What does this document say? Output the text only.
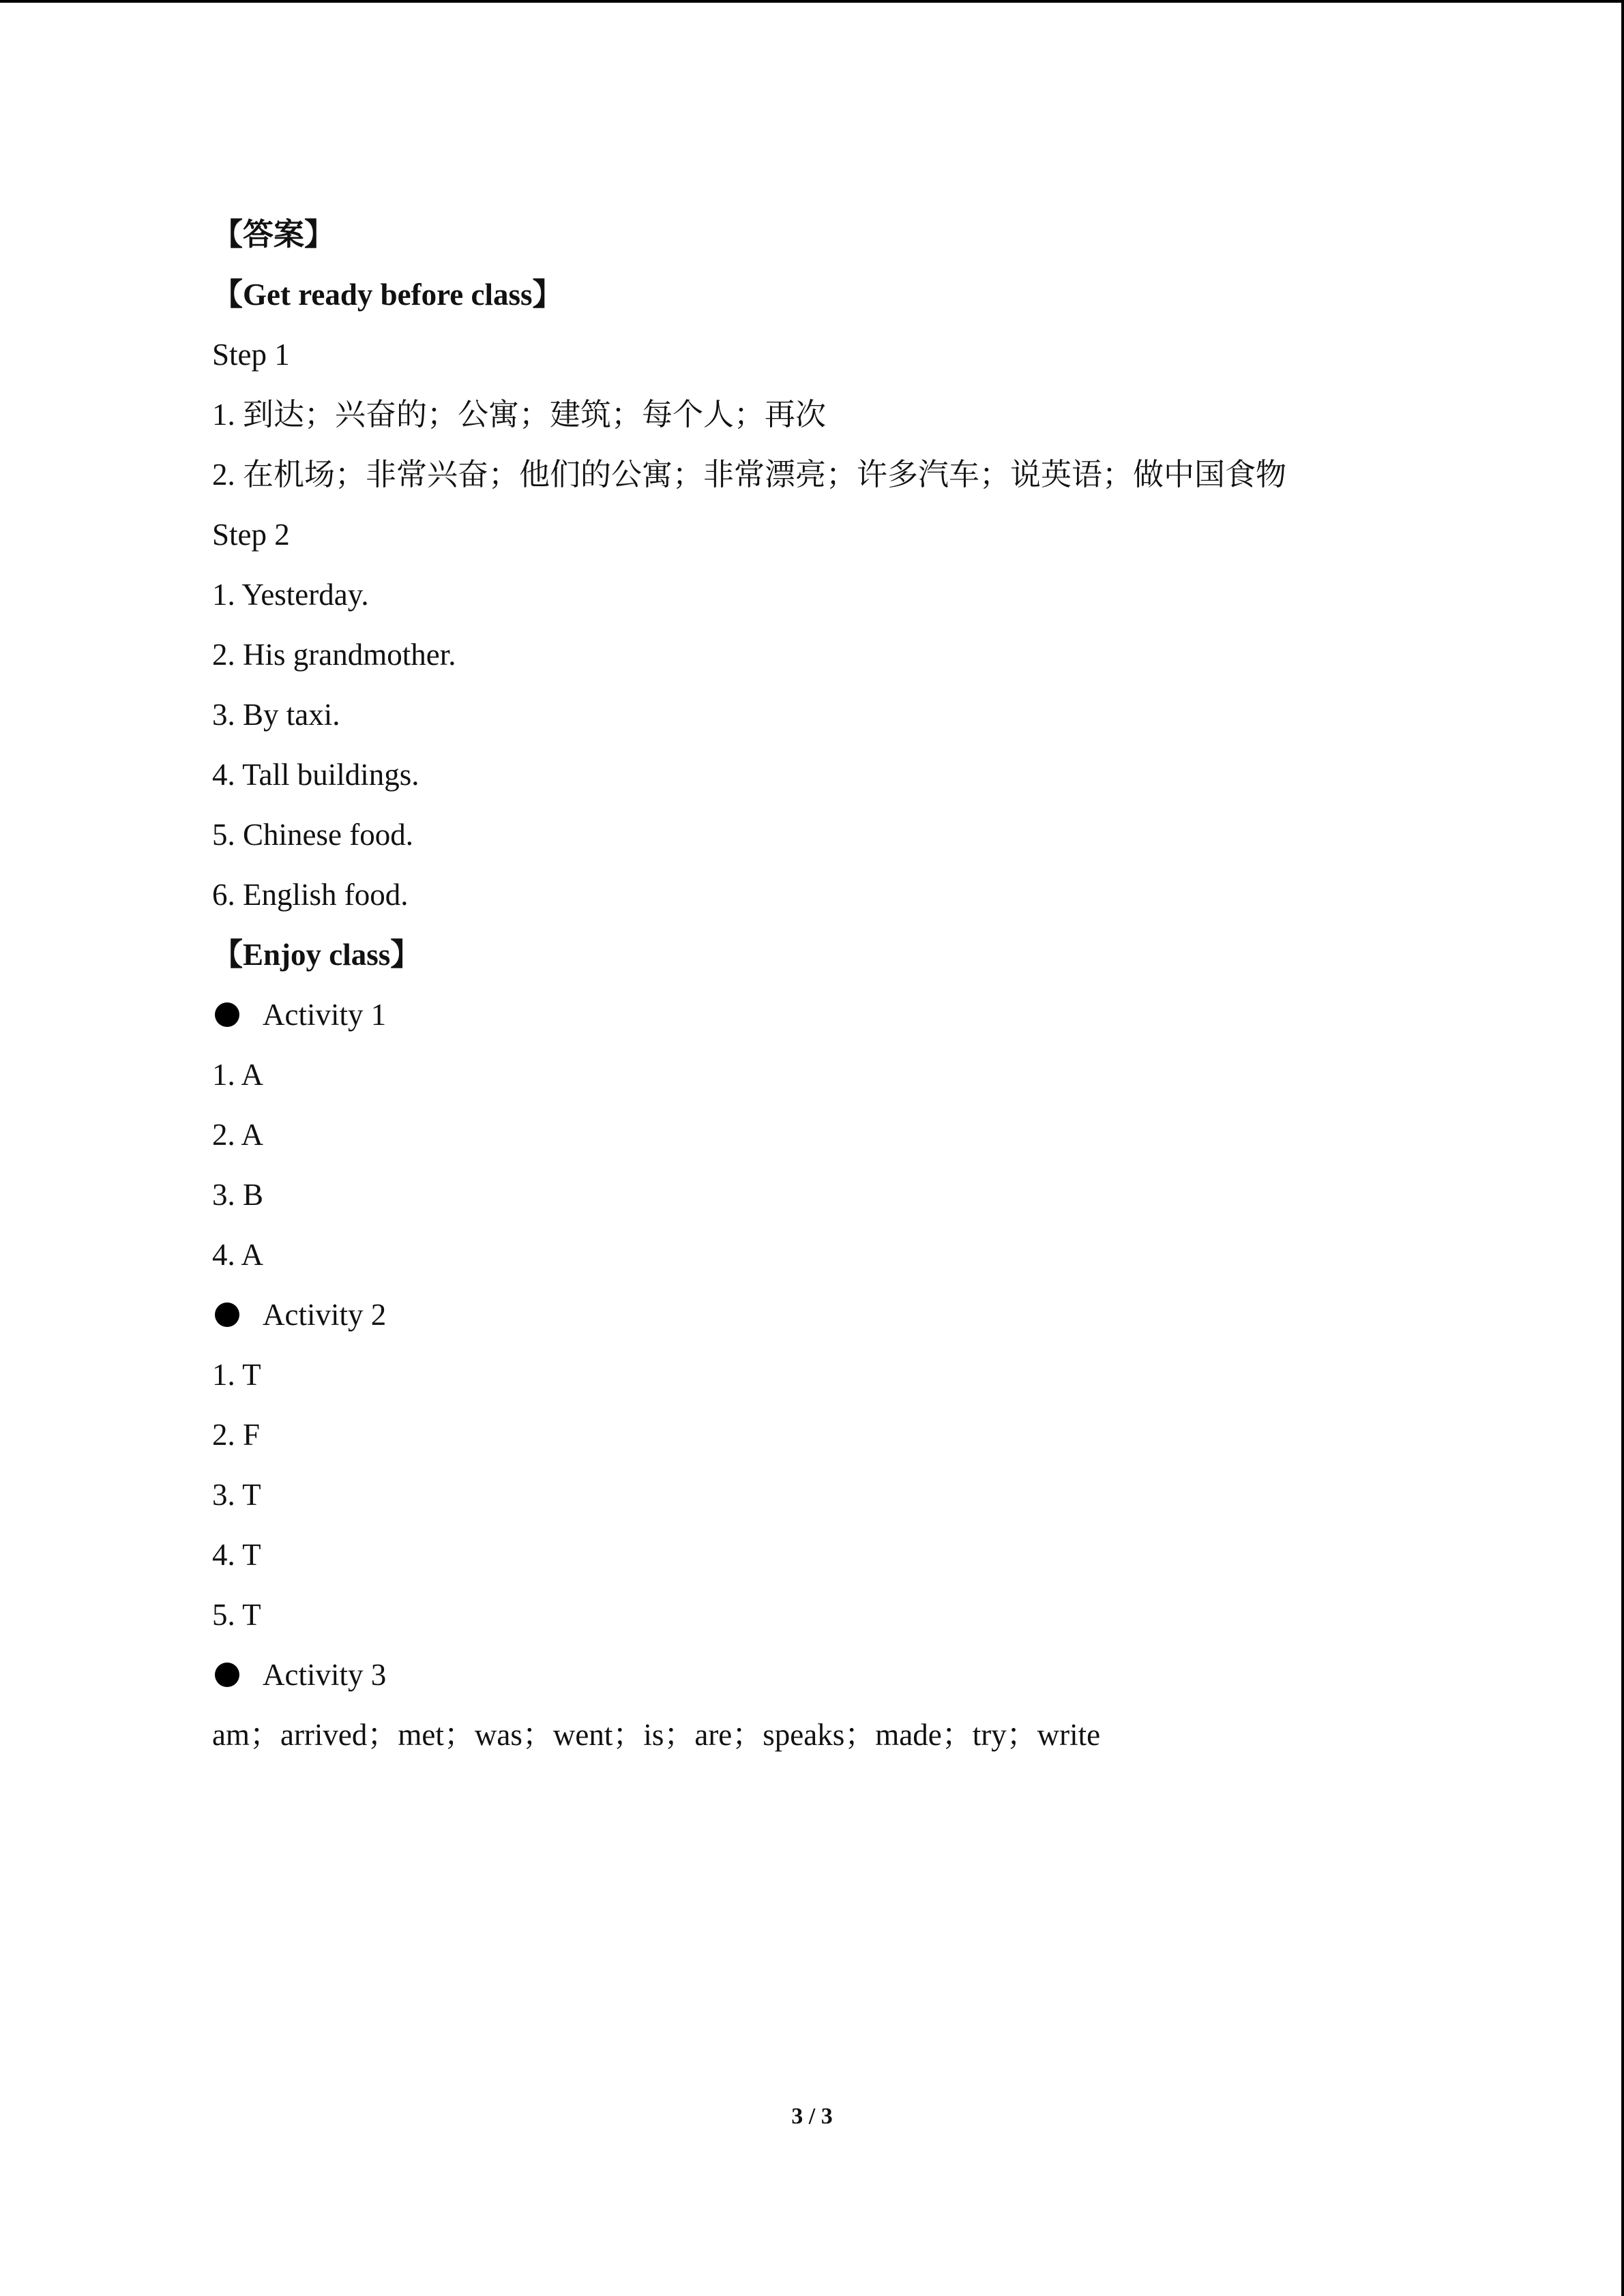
【答案】
【Get ready before class】
Step 1
1. 到达；兴奋的；公寓；建筑；每个人；再次
2. 在机场；非常兴奋；他们的公寓；非常漂亮；许多汽车；说英语；做中国食物
Step 2
1. Yesterday.
2. His grandmother.
3. By taxi.
4. Tall buildings.
5. Chinese food.
6. English food.
【Enjoy class】
Activity 1
1. A
2. A
3. B
4. A
Activity 2
1. T
2. F
3. T
4. T
5. T
Activity 3
am；arrived；met；was；went；is；are；speaks；made；try；write
3 / 3
